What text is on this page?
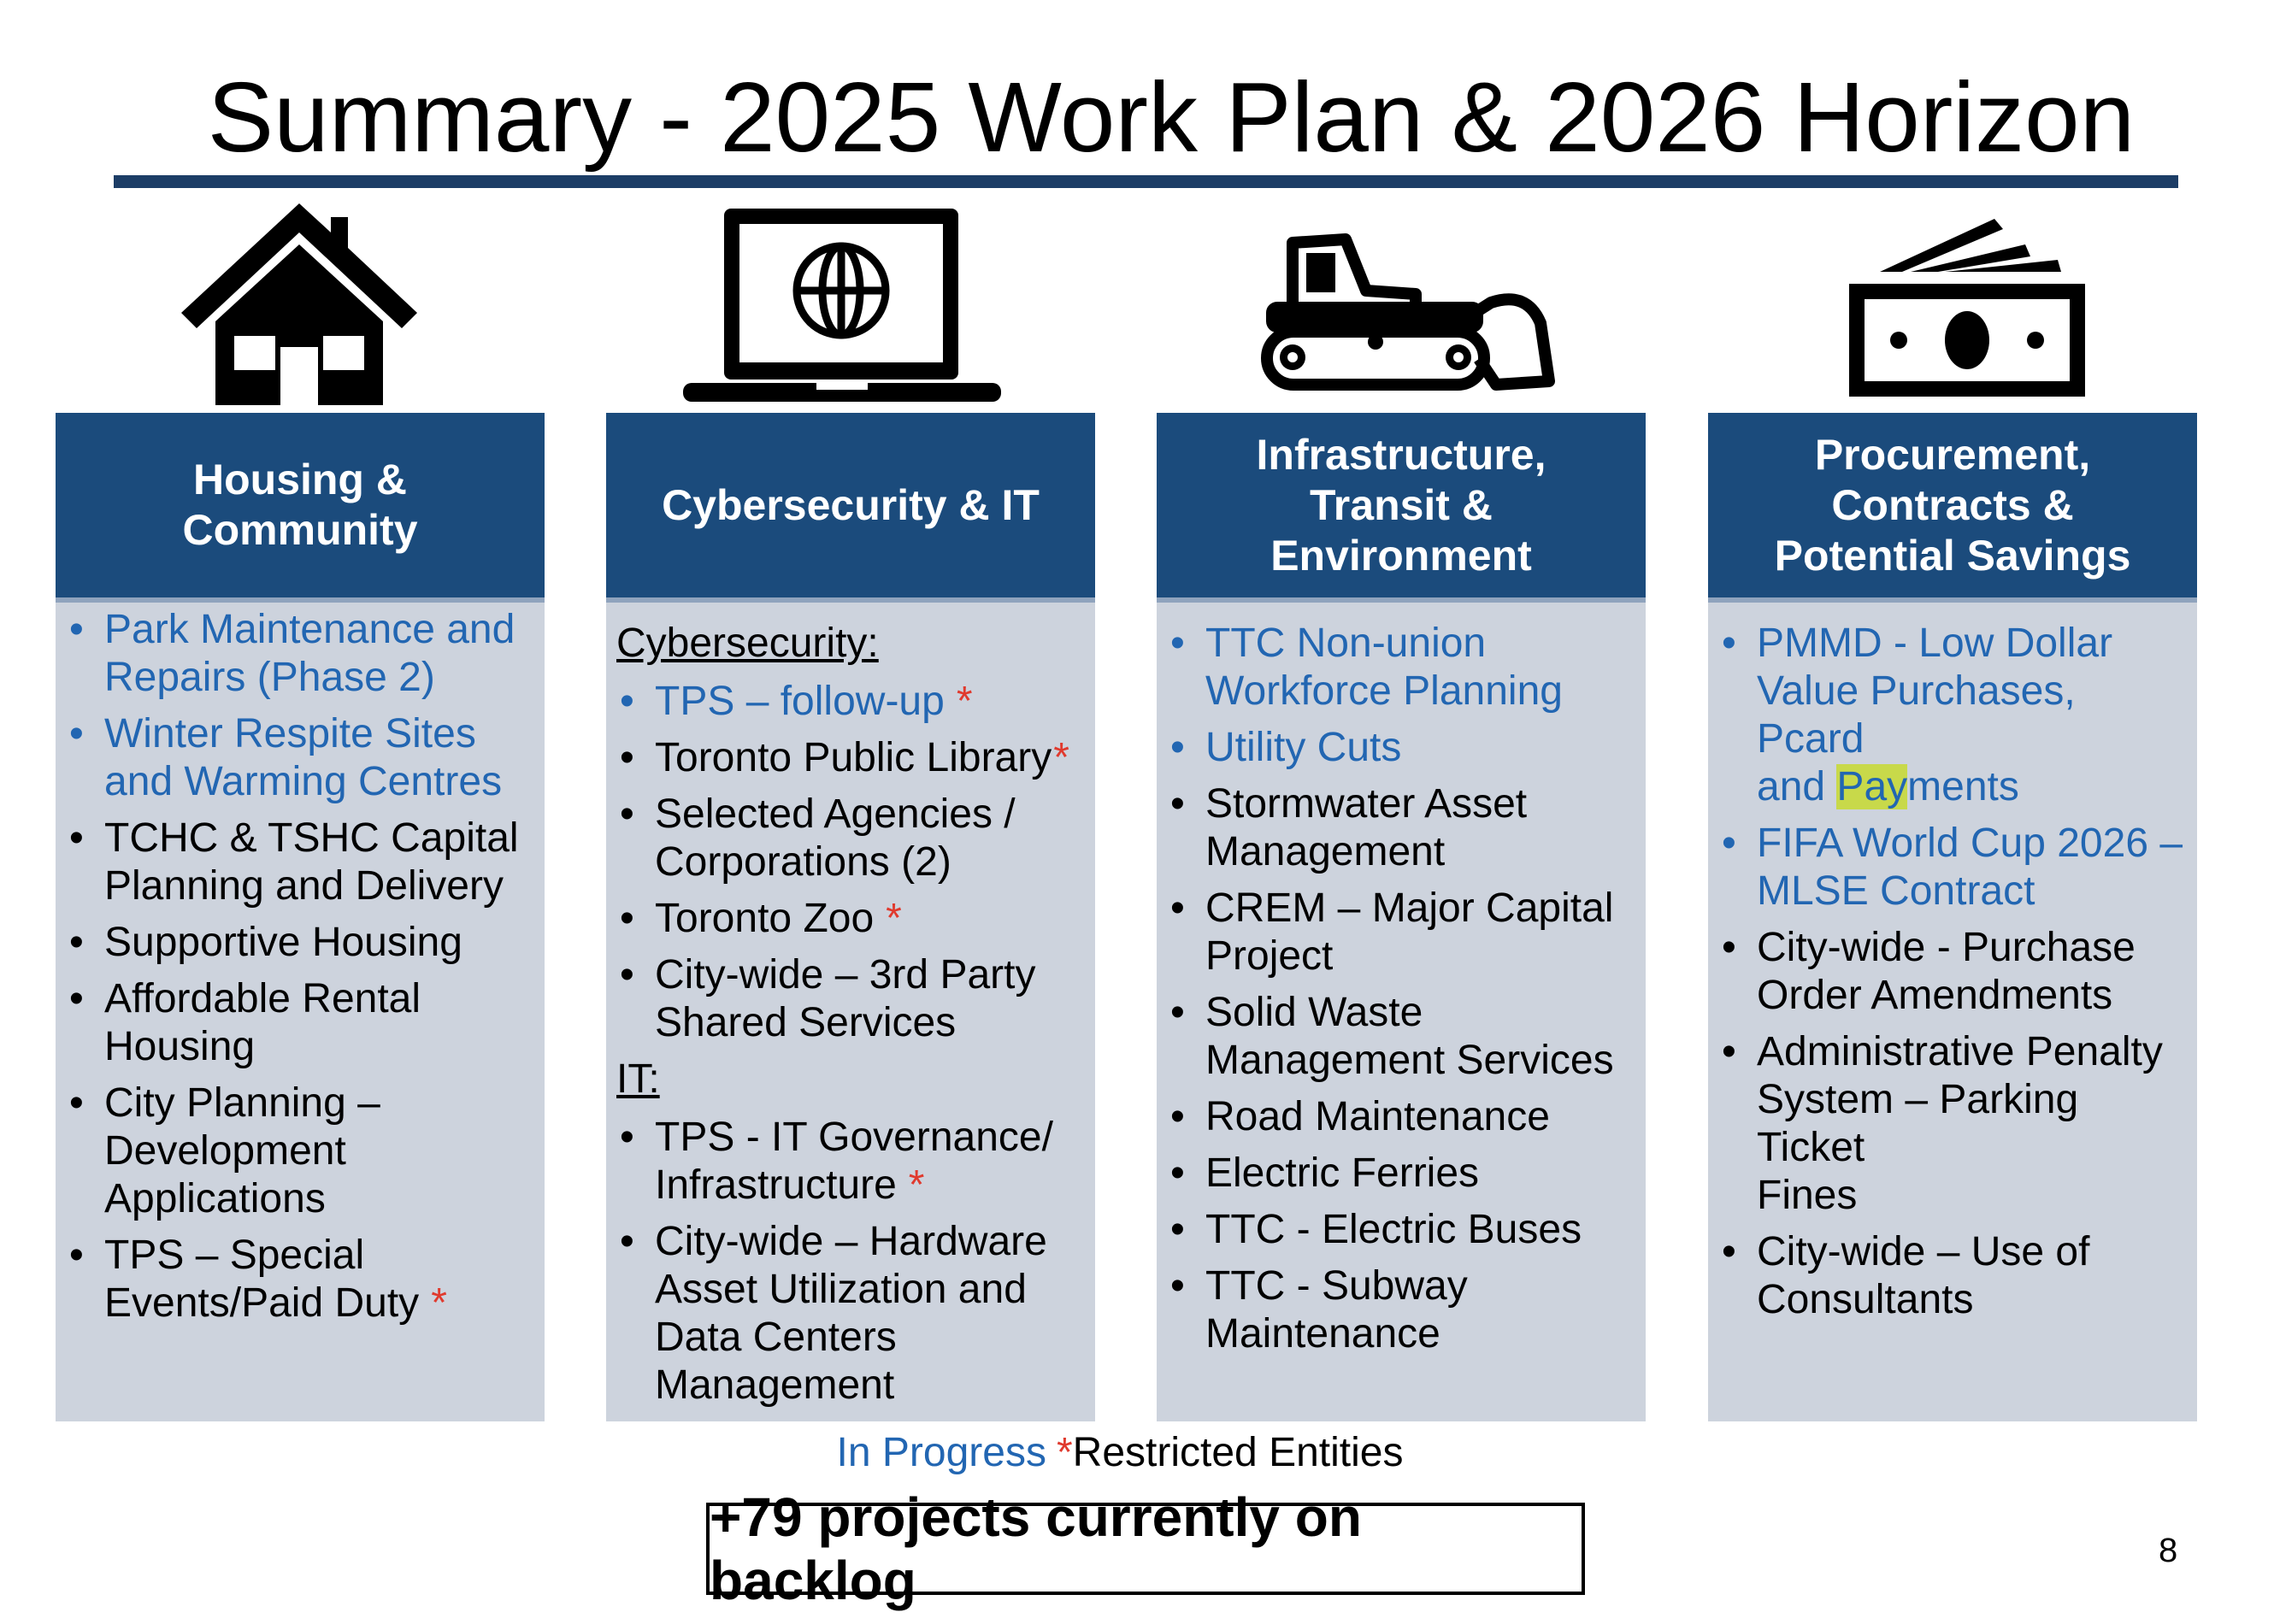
Summary - 2025 Work Plan & 2026 Horizon
Housing &
Community
• Park Maintenance and
Repairs (Phase 2)
• Winter Respite Sites
and Warming Centres
• TCHC & TSHC Capital
Planning and Delivery
• Supportive Housing
• Affordable Rental
Housing
• City Planning –
Development
Applications
• TPS – Special
Events/Paid Duty *
Cybersecurity & IT
Cybersecurity:
• TPS – follow-up *
• Toronto Public Library*
• Selected Agencies /
Corporations (2)
• Toronto Zoo *
• City-wide – 3rd Party
Shared Services
IT:
• TPS - IT Governance/
Infrastructure *
• City-wide – Hardware
Asset Utilization and
Data Centers
Management
Infrastructure,
Transit &
Environment
• TTC Non-union
Workforce Planning
• Utility Cuts
• Stormwater Asset
Management
• CREM – Major Capital
Project
• Solid Waste
Management Services
• Road Maintenance
• Electric Ferries
• TTC - Electric Buses
• TTC - Subway
Maintenance
Procurement,
Contracts &
Potential Savings
• PMMD - Low Dollar
Value Purchases, Pcard
and Payments
• FIFA World Cup 2026 –
MLSE Contract
• City-wide - Purchase
Order Amendments
• Administrative Penalty
System – Parking Ticket
Fines
• City-wide – Use of
Consultants
In Progress *Restricted Entities
+79 projects currently on backlog	8
